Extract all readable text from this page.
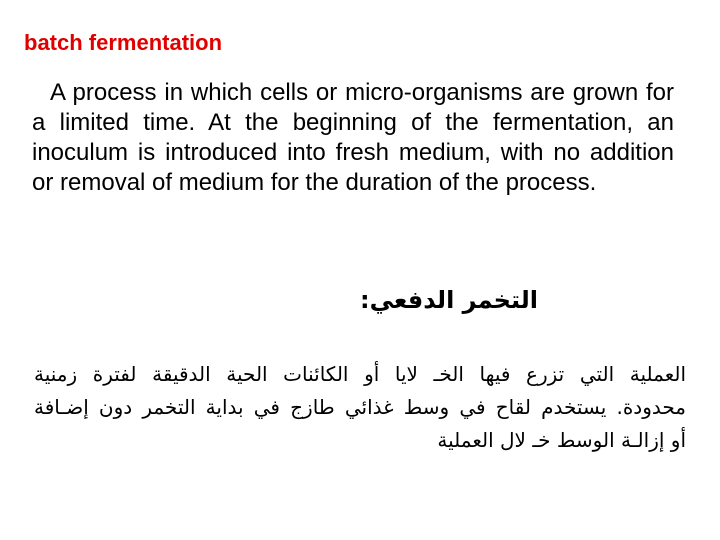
batch fermentation

A process in which cells or micro-organisms are grown for a limited time. At the beginning of the fermentation, an inoculum is introduced into fresh medium, with no addition or removal of medium for the duration of the process.

التخمر الدفعي:

العملية التي تزرع فيها الخـ لايا أو الكائنات الحية الدقيقة لفترة زمنية
محدودة. يستخدم لقاح في وسط غذائي طازج في بداية التخمر دون إضـافة
أو إزالـة الوسط خـ لال العملية
